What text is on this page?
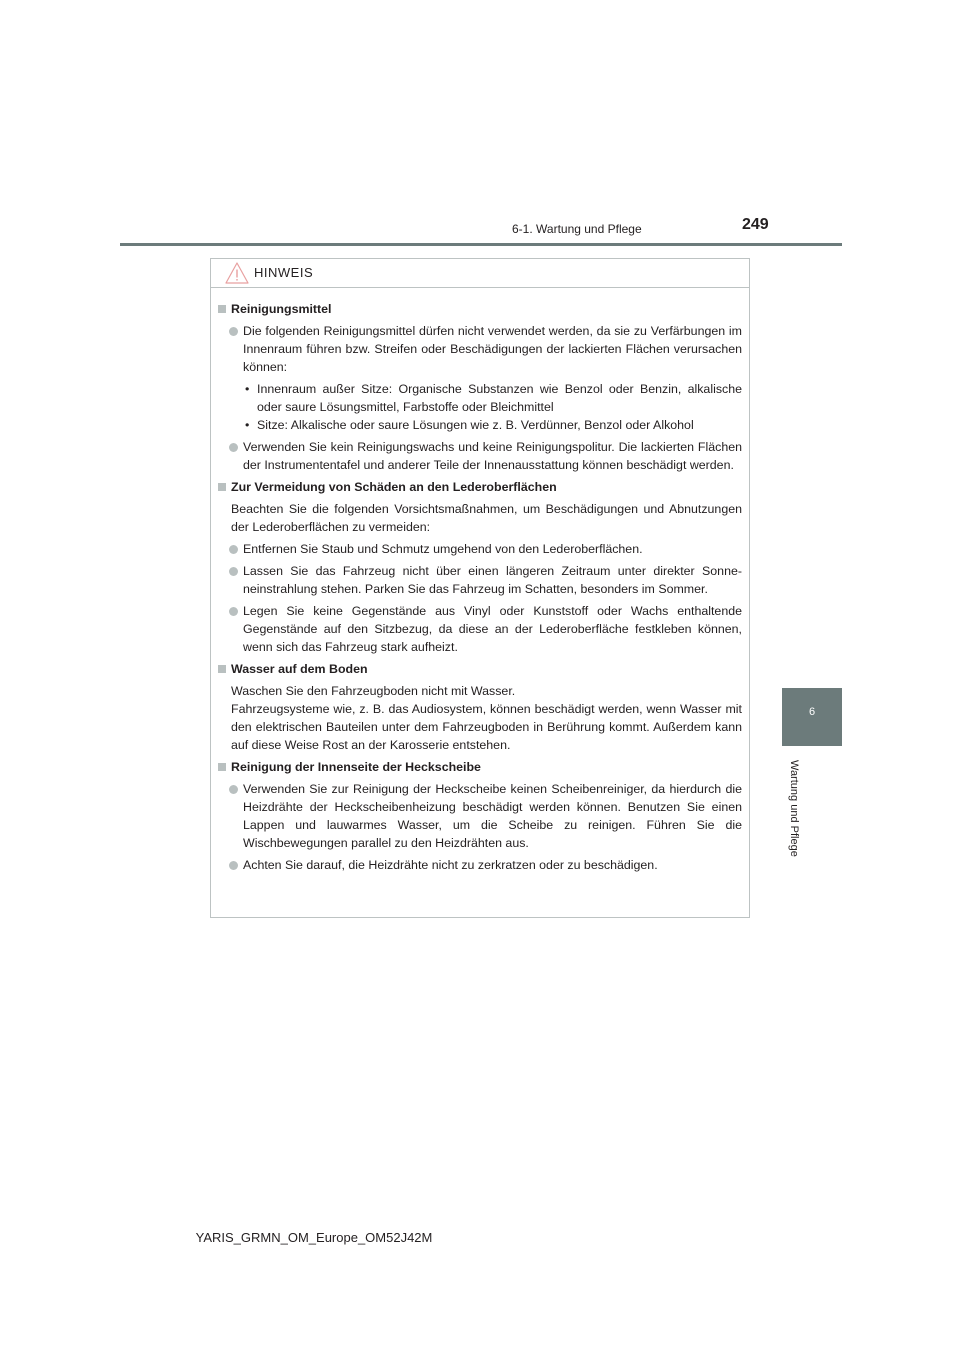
6-1. Wartung und Pflege	249
6
Wartung und Pflege
HINWEIS
Reinigungsmittel
Die folgenden Reinigungsmittel dürfen nicht verwendet werden, da sie zu Verfärbungen im Innenraum führen bzw. Streifen oder Beschädigungen der lackierten Flächen verursachen können:
• Innenraum außer Sitze: Organische Substanzen wie Benzol oder Benzin, alkalische oder saure Lösungsmittel, Farbstoffe oder Bleichmittel
• Sitze: Alkalische oder saure Lösungen wie z. B. Verdünner, Benzol oder Alkohol
Verwenden Sie kein Reinigungswachs und keine Reinigungspolitur. Die lackierten Flächen der Instrumententafel und anderer Teile der Innenausstattung können beschädigt werden.
Zur Vermeidung von Schäden an den Lederoberflächen
Beachten Sie die folgenden Vorsichtsmaßnahmen, um Beschädigungen und Abnutzungen der Lederoberflächen zu vermeiden:
Entfernen Sie Staub und Schmutz umgehend von den Lederoberflächen.
Lassen Sie das Fahrzeug nicht über einen längeren Zeitraum unter direkter Sonneneinstrahlung stehen. Parken Sie das Fahrzeug im Schatten, besonders im Sommer.
Legen Sie keine Gegenstände aus Vinyl oder Kunststoff oder Wachs enthaltende Gegenstände auf den Sitzbezug, da diese an der Lederoberfläche festkleben können, wenn sich das Fahrzeug stark aufheizt.
Wasser auf dem Boden
Waschen Sie den Fahrzeugboden nicht mit Wasser.
Fahrzeugsysteme wie, z. B. das Audiosystem, können beschädigt werden, wenn Wasser mit den elektrischen Bauteilen unter dem Fahrzeugboden in Berührung kommt. Außerdem kann auf diese Weise Rost an der Karosserie entstehen.
Reinigung der Innenseite der Heckscheibe
Verwenden Sie zur Reinigung der Heckscheibe keinen Scheibenreiniger, da hierdurch die Heizdrähte der Heckscheibenheizung beschädigt werden können. Benutzen Sie einen Lappen und lauwarmes Wasser, um die Scheibe zu reinigen. Führen Sie die Wischbewegungen parallel zu den Heizdrähten aus.
Achten Sie darauf, die Heizdrähte nicht zu zerkratzen oder zu beschädigen.
YARIS_GRMN_OM_Europe_OM52J42M
